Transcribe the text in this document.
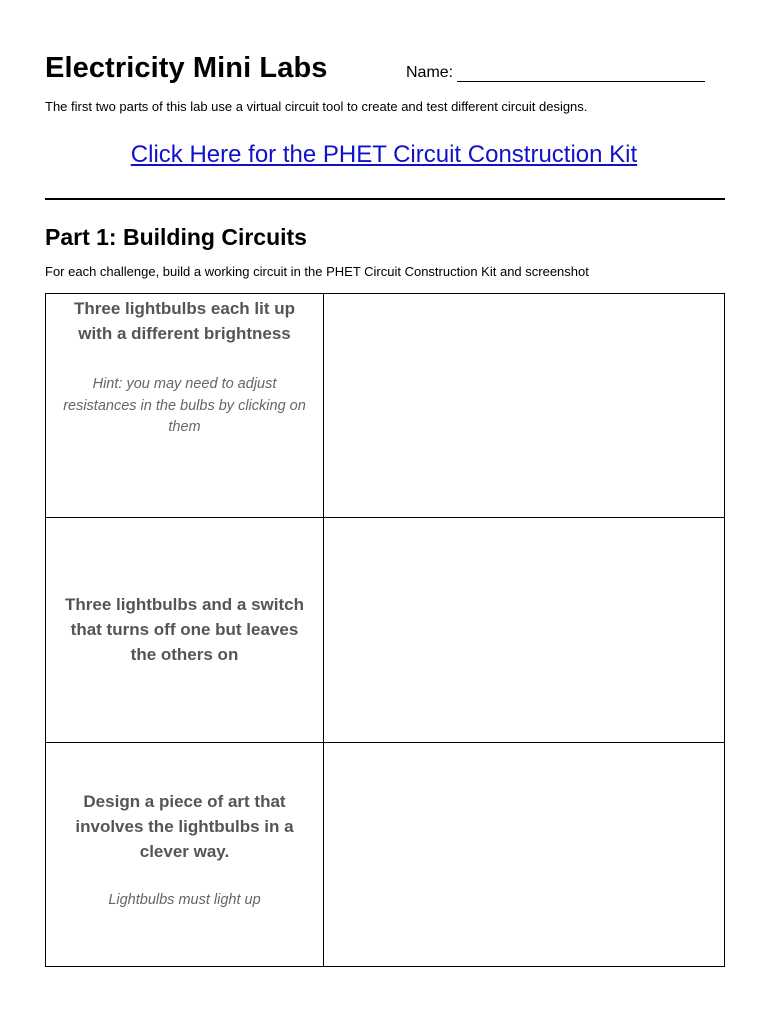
Electricity Mini Labs	Name:
The first two parts of this lab use a virtual circuit tool to create and test different circuit designs.
Click Here for the PHET Circuit Construction Kit
Part 1: Building Circuits
For each challenge, build a working circuit in the PHET Circuit Construction Kit and screenshot
Three lightbulbs each lit up with a different brightness
Hint: you may need to adjust resistances in the bulbs by clicking on them	

Three lightbulbs and a switch that turns off one but leaves the others on	

Design a piece of art that involves the lightbulbs in a clever way.
Lightbulbs must light up	
